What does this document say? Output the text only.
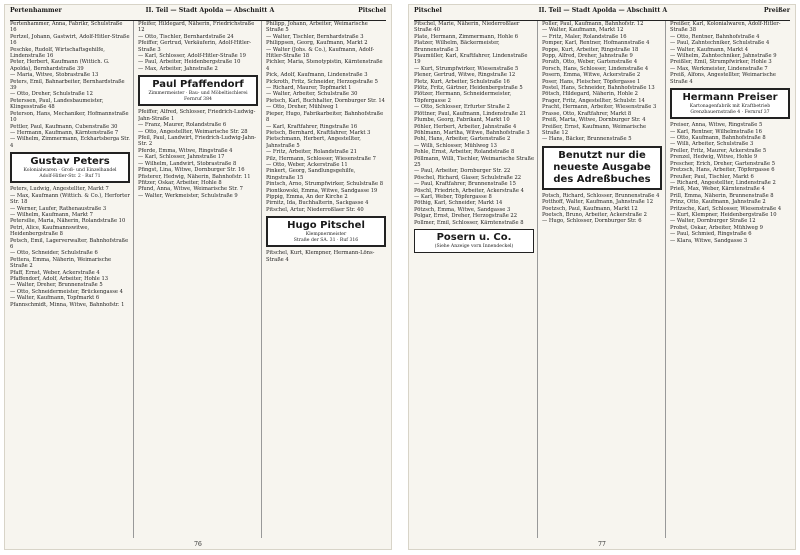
Pertenhammer	II. Teil — Stadt Apolda — Abschnitt A	Pitschel

Pertenhammer, Anna, Fabrikr, Schulstraße 16

Pertzel, Johann, Gastwirt, Adolf-Hitler-Straße 16

Peschke, Rudolf, Wirtschaftsgehilfe, Lindenstraße 16

Peter, Herbert, Kaufmann (Wittich. G. Apolda), Bernhardstraße 39

— Maria, Witwe, Stobrastraße 13

Peters, Emil, Bahnarbeiter, Bernhardstraße 39

— Otto, Dreher, Schulstraße 12

Peterssen, Paul, Landesbaumeister, Klingesstraße 48

Peterson, Hans, Mechaniker, Hofmannstraße 10

Pettler, Paul, Kaufmann, Cubenstraße 30

— Hermann, Kaufmann, Kärntenstraße 7

— Wilhelm, Zimmermann, Eckhartsberga Str. 4

Gustav Peters
Kolonialwaren · Groß- und Einzelhandel
Adolf-Hitler-Str. 2 · Ruf 71

Peters, Ludwig, Angestellter, Markt 7

— Max, Kaufmann (Wittich. & Co.), Herforter Str. 18

— Werner, Laufer, Rathenaustraße 3

— Wilhelm, Kaufmann, Markt 7

Petersilie, Maria, Näherin, Rolandstraße 10

Petri, Alice, Kaufmannswitwe, Heidenbergstraße 8

Petsch, Emil, Lagerverwalter, Bahnhofstraße 6

— Otto, Schneider, Schulstraße 6

Pettera, Emma, Näherin, Weimarische Straße 2

Pfaff, Ernst, Weber, Ackerstraße 4

Pfaffendorf, Adolf, Arbeiter, Hohle 13

— Walter, Dreher, Brunnenstraße 5

— Otto, Schneidermeister, Brückengasse 4

— Walter, Kaufmann, Topfmarkt 6

Pfannschmidt, Minna, Witwe, Bahnhofstr. 1

Pfeifer, Hildegard, Näherin, Friedrichstraße 12

— Otto, Tischler, Bernhardstraße 24

Pfeiffer, Gertrud, Verkäuferin, Adolf-Hitler-Straße 3

— Karl, Schlosser, Adolf-Hitler-Straße 19

— Paul, Arbeiter, Heidenbergstraße 10

— Max, Arbeiter, Jahnstraße 2

Paul Pfaffendorf
Zimmermeister · Bau- und Möbeltischlerei
Fernruf 384

Pfeiffer, Alfred, Schlosser, Friedrich-Ludwig-Jahn-Straße 1

— Franz, Maurer, Rolandstraße 6

— Otto, Angestellter, Weimarische Str. 28

Pfeil, Paul, Landwirt, Friedrich-Ludwig-Jahn-Str. 2

Pferde, Emma, Witwe, Ringstraße 4

— Karl, Schlosser, Jahnstraße 17

— Wilhelm, Landwirt, Stobrastraße 8

Pfingst, Lina, Witwe, Dornburger Str. 16

Pfisterer, Hedwig, Näherin, Bahnhofstr. 11

Pfitzer, Oskar, Arbeiter, Hohle 8

Pfund, Anna, Witwe, Weimarische Str. 7

— Walter, Werkmeister, Schulstraße 9

Philipp, Johann, Arbeiter, Weimarische Straße 5

— Walter, Tischler, Bernhardstraße 3

Philippsen, Georg, Kaufmann, Markt 2

— Walter (Johs. & Co.), Kaufmann, Adolf-Hitler-Straße 18

Pichler, Maria, Stenotypistin, Kärntenstraße 4

Pick, Adolf, Kaufmann, Lindenstraße 3

Pickroth, Fritz, Schneider, Herzogstraße 5

— Richard, Maurer, Topfmarkt 1

— Walter, Arbeiter, Schulstraße 30

Pietsch, Karl, Buchhalter, Dornburger Str. 14

— Otto, Dreher, Mühlweg 1

Pieper, Hugo, Fabrikarbeiter, Bahnhofstraße 8

— Karl, Kraftfahrer, Ringstraße 16

Pietsch, Bernhard, Kraftfahrer, Markt 3

Pietschmann, Herbert, Angestellter, Jahnstraße 5

— Fritz, Arbeiter, Rolandstraße 21

Pilz, Hermann, Schlosser, Wiesenstraße 7

— Otto, Weber, Ackerstraße 11

Pinkert, Georg, Sandlungsgehilfe, Ringstraße 15

Pintsch, Arno, Strumpfwirker, Schulstraße 8

Piontkowski, Emma, Witwe, Sandgasse 19

Pippig, Emma, An der Kirche 2

Pirnitz, Ida, Buchhalterin, Sackgasse 4

Pitschel, Artur, Niederroßlaer Str. 40

Hugo Pitschel
Klempnermeister
Straße der SA. 31 · Ruf 316

Pitschel, Kurt, Klempner, Hermann-Löns-Straße 4

76
Pitschel	II. Teil — Stadt Apolda — Abschnitt A	Preißer

Pitschel, Marie, Näherin, Niederroßlaer Straße 40

Plate, Hermann, Zimmermann, Hohle 6

Platzer, Wilhelm, Bäckermeister, Brunnenstraße 3

Plaumüller, Karl, Kraftfahrer, Lindenstraße 19

— Kurt, Strumpfwirker, Wiesenstraße 5

Plener, Gertrud, Witwe, Ringstraße 12

Pletz, Kurt, Arbeiter, Schulstraße 16

Plötz, Fritz, Gärtner, Heidenbergstraße 5

Plötzer, Hermann, Schneidermeister, Töpfergasse 2

— Otto, Schlosser, Erfurter Straße 2

Plöttner, Paul, Kaufmann, Lindenstraße 21

Plumbe, Georg, Fabrikant, Markt 10

Pöhler, Herbert, Arbeiter, Jahnstraße 4

Pöhlmann, Martha, Witwe, Bahnhofstraße 3

Pohl, Hans, Arbeiter, Gartenstraße 2

— Willi, Schlosser, Mühlweg 13

Pohle, Ernst, Arbeiter, Rolandstraße 8

Pöllmann, Willi, Tischler, Weimarische Straße 25

— Paul, Arbeiter, Dornburger Str. 22

Pöschel, Richard, Glaser, Schulstraße 22

— Paul, Kraftfahrer, Brunnenstraße 15

Pöschl, Friedrich, Arbeiter, Ackerstraße 4

— Karl, Weber, Töpfergasse 8

Pöthig, Karl, Schneider, Markt 14

Pötzsch, Emma, Witwe, Sandgasse 3

Polgar, Ernst, Dreher, Herzogstraße 22

Pollmer, Emil, Schlosser, Kärntenstraße 8

Posern u. Co.
(Siehe Anzeige vorn Innendeckel)

Poller, Paul, Kaufmann, Bahnhofstr. 12

— Walter, Kaufmann, Markt 12

— Fritz, Maler, Rolandstraße 16

Pomper, Karl, Rentner, Hofmannstraße 4

Poppe, Kurt, Arbeiter, Ringstraße 18

Popp, Alfred, Dreher, Jahnstraße 9

Porath, Otto, Weber, Gartenstraße 4

Porsch, Hans, Schlosser, Lindenstraße 4

Posern, Emma, Witwe, Ackerstraße 2

Poser, Hans, Fleischer, Töpfergasse 1

Postel, Hans, Schneider, Bahnhofstraße 13

Pötsch, Hildegard, Näherin, Hohle 2

Prager, Fritz, Angestellter, Schulstr. 14

Pracht, Hermann, Arbeiter, Wiesenstraße 3

Prasse, Otto, Kraftfahrer, Markt 8

Preiß, Marta, Witwe, Dornburger Str. 4

Preißer, Ernst, Kaufmann, Weimarische Straße 12

— Hans, Bäcker, Brunnenstraße 5

Benutzt nur die
neueste Ausgabe
des Adreßbuches

Potsch, Richard, Schlosser, Brunnenstraße 4

Potthoff, Walter, Kaufmann, Jahnstraße 12

Poetzsch, Paul, Kaufmann, Markt 12

Poetsch, Bruno, Arbeiter, Ackerstraße 2

— Hugo, Schlosser, Dornburger Str. 6

Preißer, Karl, Kolonialwaren, Adolf-Hitler-Straße 38

— Otto, Rentner, Bahnhofstraße 4

— Paul, Zahntechniker, Schulstraße 4

— Walter, Kaufmann, Markt 4

— Wilhelm, Zahntechniker, Jahnstraße 9

Preißler, Emil, Strumpfwirker, Hohle 3

— Max, Werkmeister, Lindenstraße 7

Preiß, Alfons, Angestellter, Weimarische Straße 4

Hermann Preiser
Kartonagenfabrik mit Kraftbetrieb
Grenzbauernstraße 4 · Fernruf 37

Preiser, Anna, Witwe, Ringstraße 5

— Karl, Rentner, Wilhelmstraße 16

— Otto, Kaufmann, Bahnhofstraße 8

— Willi, Arbeiter, Schulstraße 3

Preller, Fritz, Maurer, Ackerstraße 5

Prenzel, Hedwig, Witwe, Hohle 9

Prescher, Erich, Dreher, Gartenstraße 5

Pretzsch, Hans, Arbeiter, Töpfergasse 6

Preußer, Paul, Tischler, Markt 6

— Richard, Angestellter, Lindenstraße 2

Prieß, Max, Weber, Kärntenstraße 4

Prill, Emma, Näherin, Brunnenstraße 8

Prinz, Otto, Kaufmann, Jahnstraße 2

Pritzsche, Karl, Schlosser, Wiesenstraße 4

— Kurt, Klempner, Heidenbergstraße 10

— Walter, Dornburger Straße 12

Probst, Oskar, Arbeiter, Mühlweg 9

— Paul, Schmied, Ringstraße 6

— Klara, Witwe, Sandgasse 3

77
